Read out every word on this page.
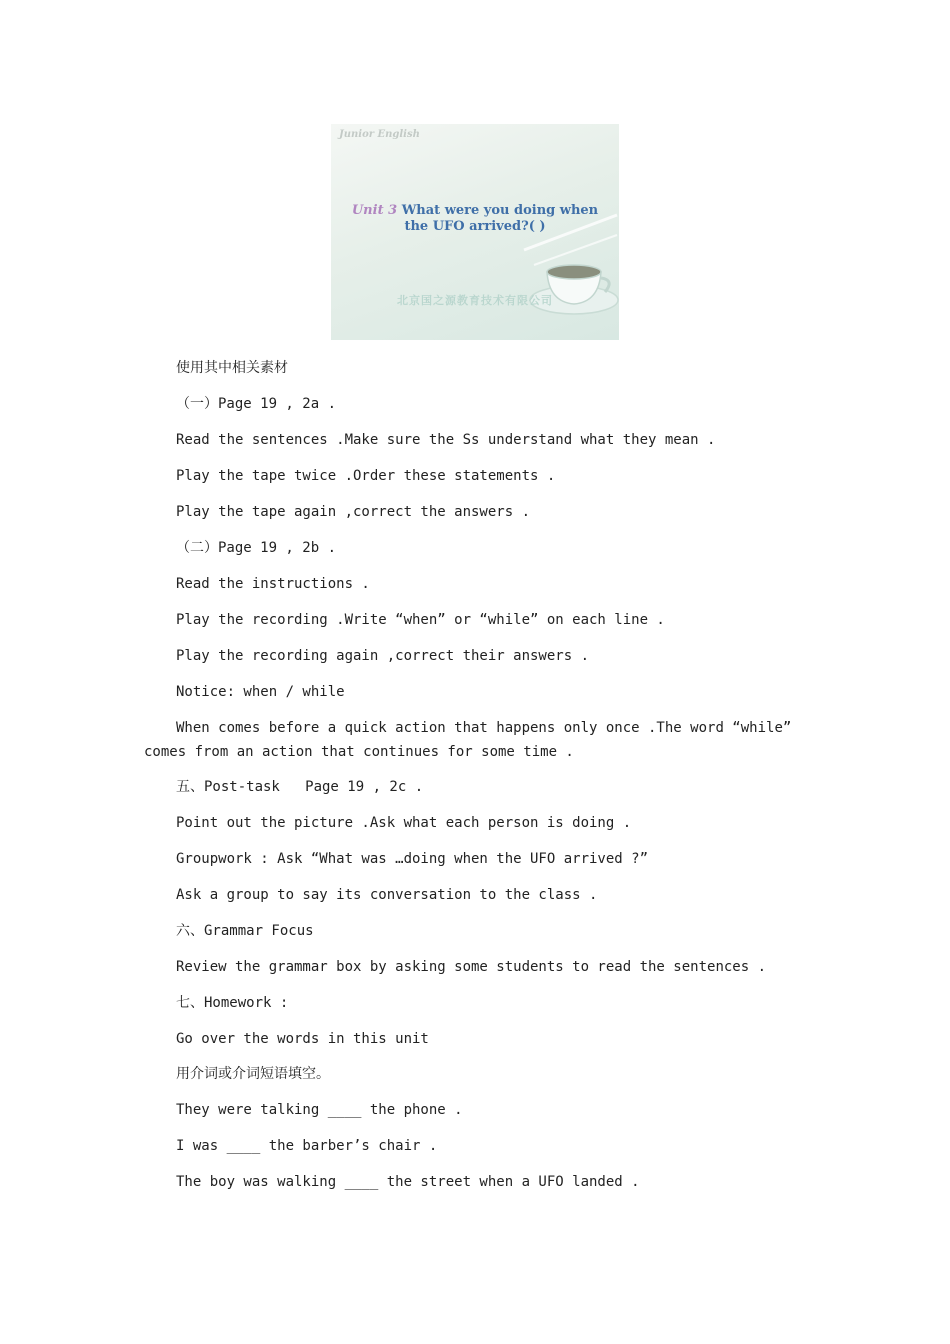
Junior English
Unit 3 What were you doing when
the UFO arrived?( )
北京国之源教育技术有限公司
使用其中相关素材
（一）Page 19 , 2a .
Read the sentences .Make sure the Ss understand what they mean .
Play the tape twice .Order these statements .
Play the tape again ,correct the answers .
（二）Page 19 , 2b .
Read the instructions .
Play the recording .Write “when” or “while” on each line .
Play the recording again ,correct their answers .
Notice: when / while
When comes before a quick action that happens only once .The word “while” comes from an action that continues for some time .
五、Post-task   Page 19 , 2c .
Point out the picture .Ask what each person is doing .
Groupwork : Ask “What was …doing when the UFO arrived ?”
Ask a group to say its conversation to the class .
六、Grammar Focus
Review the grammar box by asking some students to read the sentences .
七、Homework :
Go over the words in this unit
用介词或介词短语填空。
They were talking ____ the phone .
I was ____ the barber’s chair .
The boy was walking ____ the street when a UFO landed .
